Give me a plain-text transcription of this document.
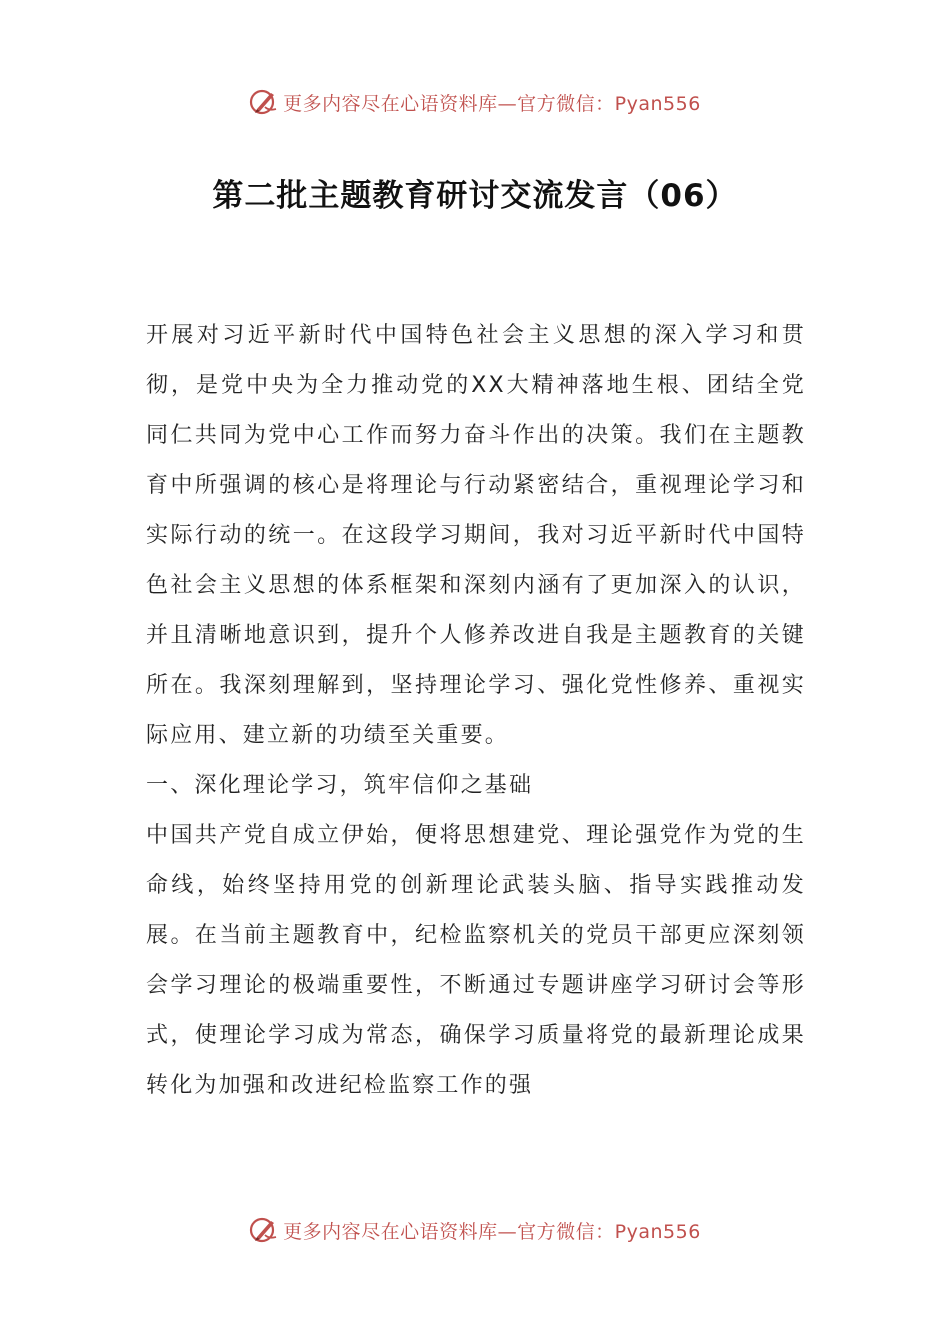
更多内容尽在心语资料库—官方微信：Pyan556
第二批主题教育研讨交流发言（06）

开展对习近平新时代中国特色社会主义思想的深入学习和贯彻，是党中央为全力推动党的XX大精神落地生根、团结全党同仁共同为党中心工作而努力奋斗作出的决策。我们在主题教育中所强调的核心是将理论与行动紧密结合，重视理论学习和实际行动的统一。在这段学习期间，我对习近平新时代中国特色社会主义思想的体系框架和深刻内涵有了更加深入的认识，并且清晰地意识到，提升个人修养改进自我是主题教育的关键所在。我深刻理解到，坚持理论学习、强化党性修养、重视实际应用、建立新的功绩至关重要。

一、深化理论学习，筑牢信仰之基础

中国共产党自成立伊始，便将思想建党、理论强党作为党的生命线，始终坚持用党的创新理论武装头脑、指导实践推动发展。在当前主题教育中，纪检监察机关的党员干部更应深刻领会学习理论的极端重要性，不断通过专题讲座学习研讨会等形式，使理论学习成为常态，确保学习质量将党的最新理论成果转化为加强和改进纪检监察工作的强

更多内容尽在心语资料库—官方微信：Pyan556
